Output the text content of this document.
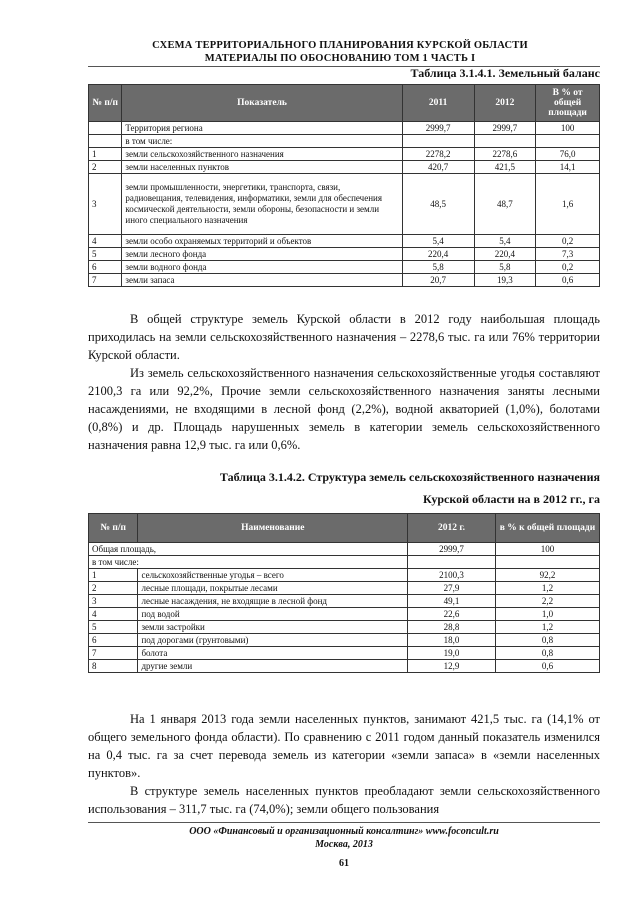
СХЕМА ТЕРРИТОРИАЛЬНОГО ПЛАНИРОВАНИЯ КУРСКОЙ ОБЛАСТИ
МАТЕРИАЛЫ ПО ОБОСНОВАНИЮ ТОМ 1 ЧАСТЬ I
Таблица 3.1.4.1. Земельный баланс
№ п/п	Показатель	2011	2012	В % от общей площади
	Территория региона	2999,7	2999,7	100
	в том числе:			
1	земли сельскохозяйственного назначения	2278,2	2278,6	76,0
2	земли населенных пунктов	420,7	421,5	14,1
3	земли промышленности, энергетики, транспорта, связи, радиовещания, телевидения, информатики, земли для обеспечения космической деятельности, земли обороны, безопасности и земли иного специального назначения	48,5	48,7	1,6
4	земли особо охраняемых территорий и объектов	5,4	5,4	0,2
5	земли лесного фонда	220,4	220,4	7,3
6	земли водного фонда	5,8	5,8	0,2
7	земли запаса	20,7	19,3	0,6

В общей структуре земель Курской области в 2012 году наибольшая площадь приходилась на земли сельскохозяйственного назначения – 2278,6 тыс. га или 76% территории Курской области.

Из земель сельскохозяйственного назначения сельскохозяйственные угодья составляют 2100,3 га или 92,2%, Прочие земли сельскохозяйственного назначения заняты лесными насаждениями, не входящими в лесной фонд (2,2%), водной акваторией (1,0%), болотами (0,8%) и др. Площадь нарушенных земель в категории земель сельскохозяйственного назначения равна 12,9 тыс. га или 0,6%.

Таблица 3.1.4.2. Структура земель сельскохозяйственного назначения
Курской области на в 2012 гг., га
№ п/п	Наименование	2012 г.	в % к общей площади
Общая площадь,		2999,7	100
в том числе:			
1	сельскохозяйственные угодья – всего	2100,3	92,2
2	лесные площади, покрытые лесами	27,9	1,2
3	лесные насаждения, не входящие в лесной фонд	49,1	2,2
4	под водой	22,6	1,0
5	земли застройки	28,8	1,2
6	под дорогами (грунтовыми)	18,0	0,8
7	болота	19,0	0,8
8	другие земли	12,9	0,6

На 1 января 2013 года земли населенных пунктов, занимают 421,5 тыс. га (14,1% от общего земельного фонда области). По сравнению с 2011 годом данный показатель изменился на 0,4 тыс. га за счет перевода земель из категории «земли запаса» в «земли населенных пунктов».

В структуре земель населенных пунктов преобладают земли сельскохозяйственного использования – 311,7 тыс. га (74,0%); земли общего пользования

ООО «Финансовый и организационный консалтинг» www.foconcult.ru
Москва, 2013
61
